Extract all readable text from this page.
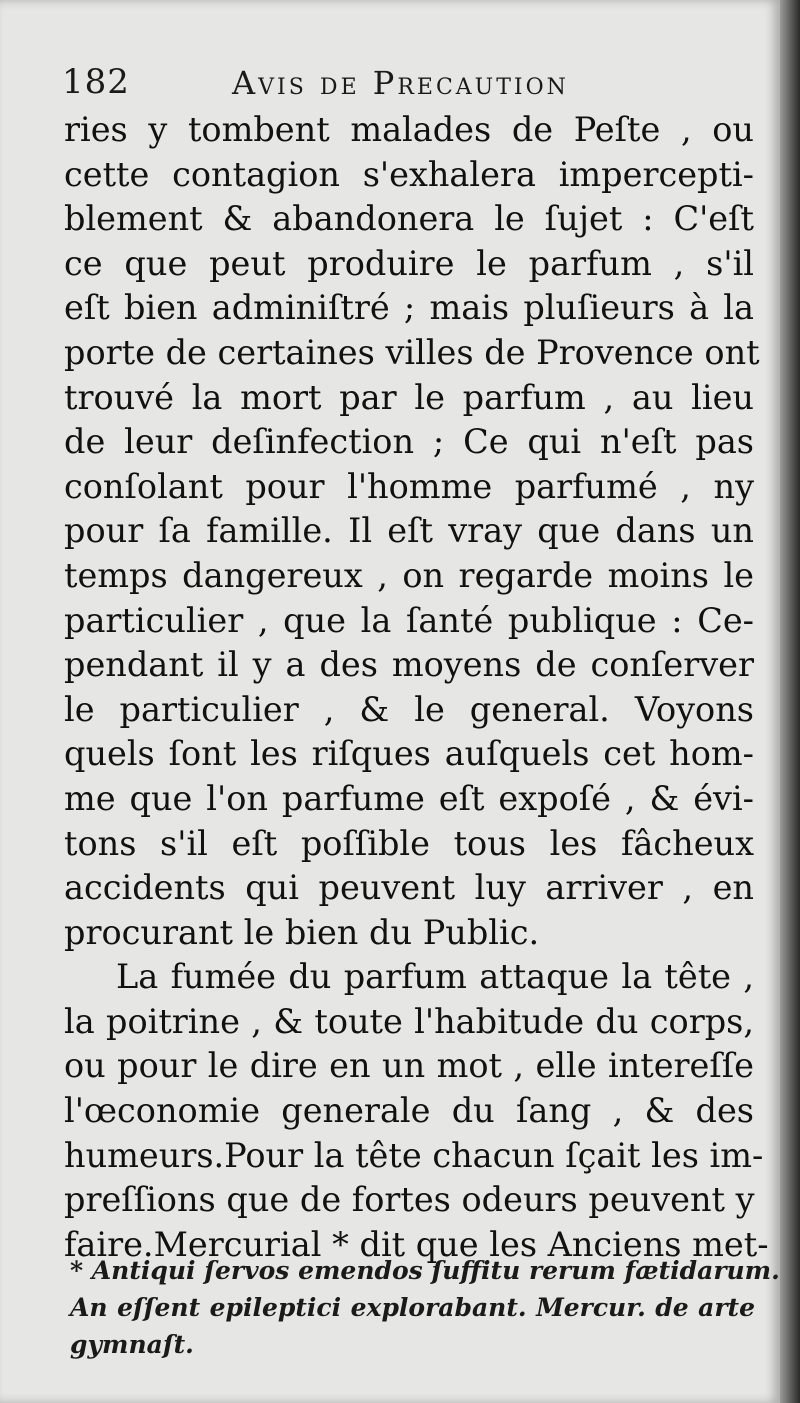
182	Avis de Precaution
ries y tombent malades de Peſte , ou
cette contagion s'exhalera impercepti-
blement & abandonera le ſujet : C'eſt
ce que peut produire le parfum , s'il
eſt bien adminiſtré ; mais pluſieurs à la
porte de certaines villes de Provence ont
trouvé la mort par le parfum , au lieu
de leur deſinfection ; Ce qui n'eſt pas
conſolant pour l'homme parfumé , ny
pour ſa famille. Il eſt vray que dans un
temps dangereux , on regarde moins le
particulier , que la ſanté publique : Ce-
pendant il y a des moyens de conſerver
le particulier , & le general. Voyons
quels ſont les riſques auſquels cet hom-
me que l'on parfume eſt expoſé , & évi-
tons s'il eſt poſſible tous les fâcheux
accidents qui peuvent luy arriver , en
procurant le bien du Public.
La fumée du parfum attaque la tête ,
la poitrine , & toute l'habitude du corps,
ou pour le dire en un mot , elle intereſſe
l'œconomie generale du ſang , & des
humeurs.Pour la tête chacun ſçait les im-
preſſions que de fortes odeurs peuvent y
faire.Mercurial * dit que les Anciens met-
* Antiqui ſervos emendos ſuffitu rerum fætidarum.
An eſſent epileptici explorabant. Mercur. de arte
gymnaſt.
